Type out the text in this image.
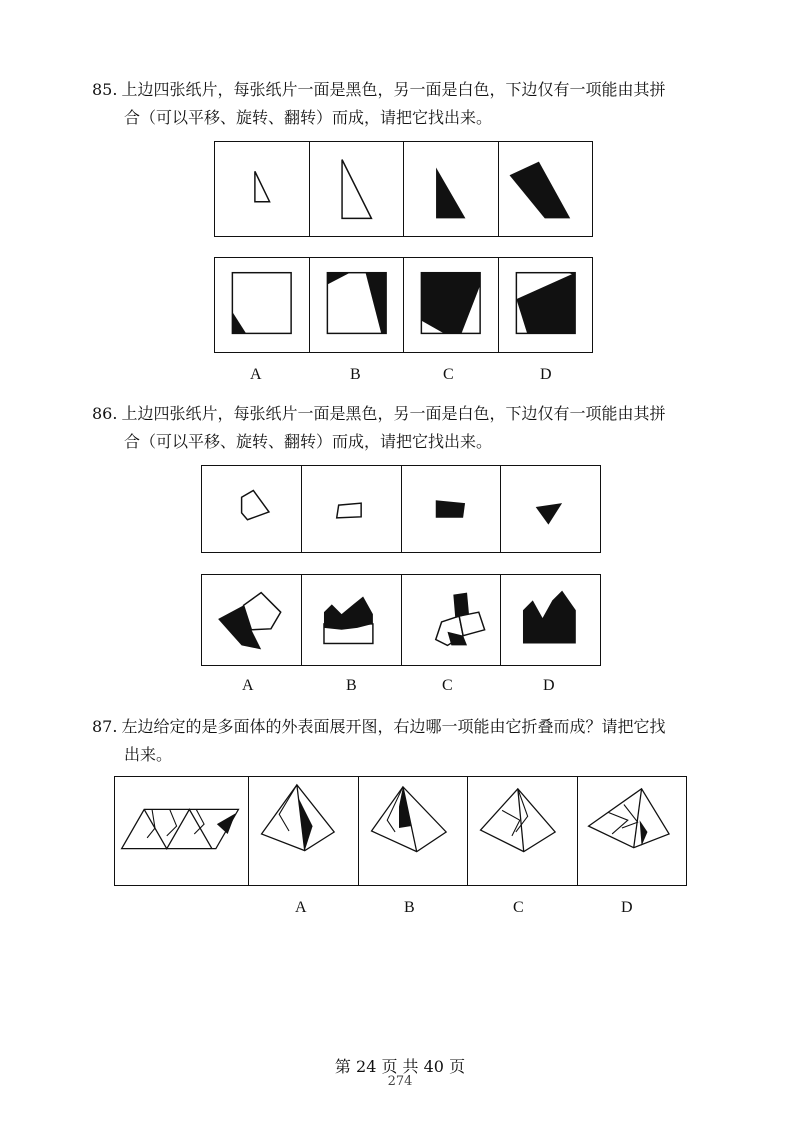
85. 上边四张纸片，每张纸片一面是黑色，另一面是白色，下边仅有一项能由其拼
合（可以平移、旋转、翻转）而成，请把它找出来。
A	B	C	D
86. 上边四张纸片，每张纸片一面是黑色，另一面是白色，下边仅有一项能由其拼
合（可以平移、旋转、翻转）而成，请把它找出来。
A	B	C	D
87. 左边给定的是多面体的外表面展开图，右边哪一项能由它折叠而成？请把它找
出来。
A	B	C	D
第 24 页 共 40 页
274
